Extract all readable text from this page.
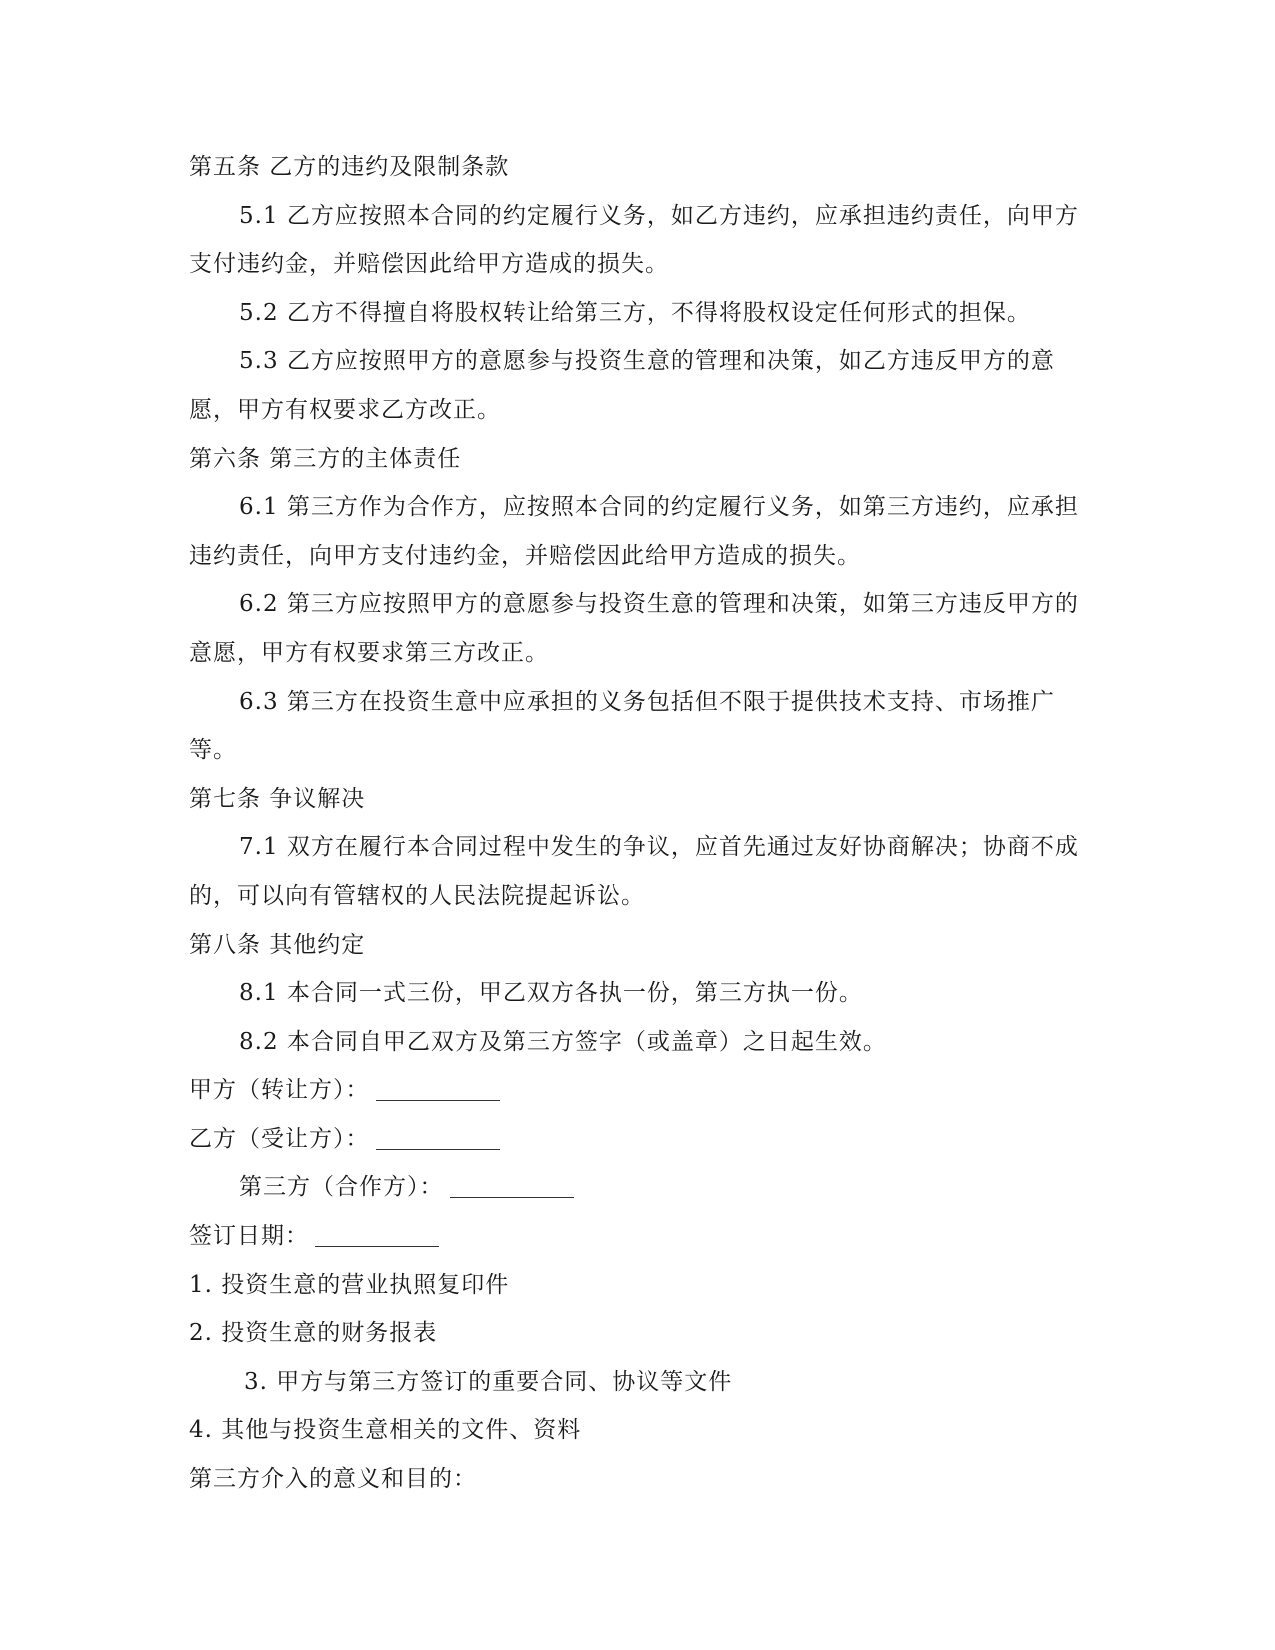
第五条 乙方的违约及限制条款

5.1 乙方应按照本合同的约定履行义务，如乙方违约，应承担违约责任，向甲方支付违约金，并赔偿因此给甲方造成的损失。

5.2 乙方不得擅自将股权转让给第三方，不得将股权设定任何形式的担保。

5.3 乙方应按照甲方的意愿参与投资生意的管理和决策，如乙方违反甲方的意愿，甲方有权要求乙方改正。

第六条 第三方的主体责任

6.1 第三方作为合作方，应按照本合同的约定履行义务，如第三方违约，应承担违约责任，向甲方支付违约金，并赔偿因此给甲方造成的损失。

6.2 第三方应按照甲方的意愿参与投资生意的管理和决策，如第三方违反甲方的意愿，甲方有权要求第三方改正。

6.3 第三方在投资生意中应承担的义务包括但不限于提供技术支持、市场推广等。

第七条 争议解决

7.1 双方在履行本合同过程中发生的争议，应首先通过友好协商解决；协商不成的，可以向有管辖权的人民法院提起诉讼。

第八条 其他约定
8.1 本合同一式三份，甲乙双方各执一份，第三方执一份。
8.2 本合同自甲乙双方及第三方签字（或盖章）之日起生效。
甲方（转让方）：
乙方（受让方）：
第三方（合作方）：
签订日期：
1. 投资生意的营业执照复印件
2. 投资生意的财务报表
3. 甲方与第三方签订的重要合同、协议等文件
4. 其他与投资生意相关的文件、资料
第三方介入的意义和目的：
